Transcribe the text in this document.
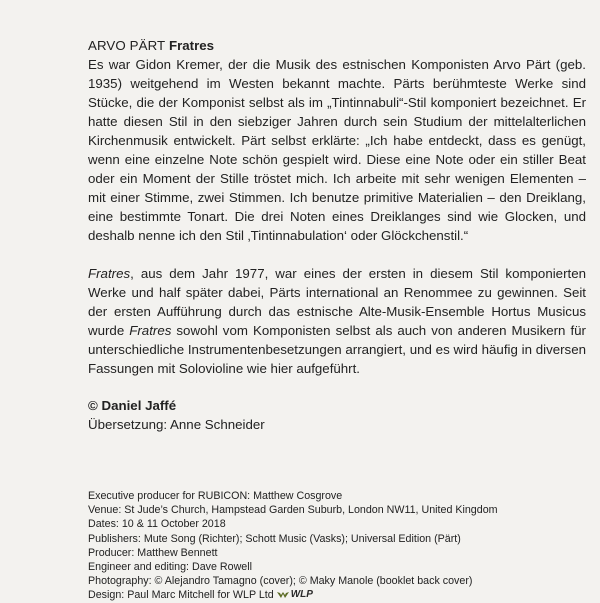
ARVO PÄRT Fratres

Es war Gidon Kremer, der die Musik des estnischen Komponisten Arvo Pärt (geb. 1935) weitgehend im Westen bekannt machte. Pärts berühmteste Werke sind Stücke, die der Komponist selbst als im „Tintinnabuli“-Stil komponiert bezeichnet. Er hatte diesen Stil in den siebziger Jahren durch sein Studium der mittelalterlichen Kirchenmusik entwickelt. Pärt selbst erklärte: „Ich habe entdeckt, dass es genügt, wenn eine einzelne Note schön gespielt wird. Diese eine Note oder ein stiller Beat oder ein Moment der Stille tröstet mich. Ich arbeite mit sehr wenigen Elementen – mit einer Stimme, zwei Stimmen. Ich benutze primitive Materialien – den Dreiklang, eine bestimmte Tonart. Die drei Noten eines Dreiklanges sind wie Glocken, und deshalb nenne ich den Stil ‚Tintinnabulation‘ oder Glöckchenstil.“

Fratres, aus dem Jahr 1977, war eines der ersten in diesem Stil komponierten Werke und half später dabei, Pärts international an Renommee zu gewinnen. Seit der ersten Aufführung durch das estnische Alte-Musik-Ensemble Hortus Musicus wurde Fratres sowohl vom Komponisten selbst als auch von anderen Musikern für unterschiedliche Instrumentenbesetzungen arrangiert, und es wird häufig in diversen Fassungen mit Solovioline wie hier aufgeführt.

© Daniel Jaffé
Übersetzung: Anne Schneider
Executive producer for RUBICON: Matthew Cosgrove
Venue: St Jude’s Church, Hampstead Garden Suburb, London NW11, United Kingdom
Dates: 10 & 11 October 2018
Publishers: Mute Song (Richter); Schott Music (Vasks); Universal Edition (Pärt)
Producer: Matthew Bennett
Engineer and editing: Dave Rowell
Photography: © Alejandro Tamagno (cover); © Maky Manole (booklet back cover)
Design: Paul Marc Mitchell for WLP Ltd WLP
